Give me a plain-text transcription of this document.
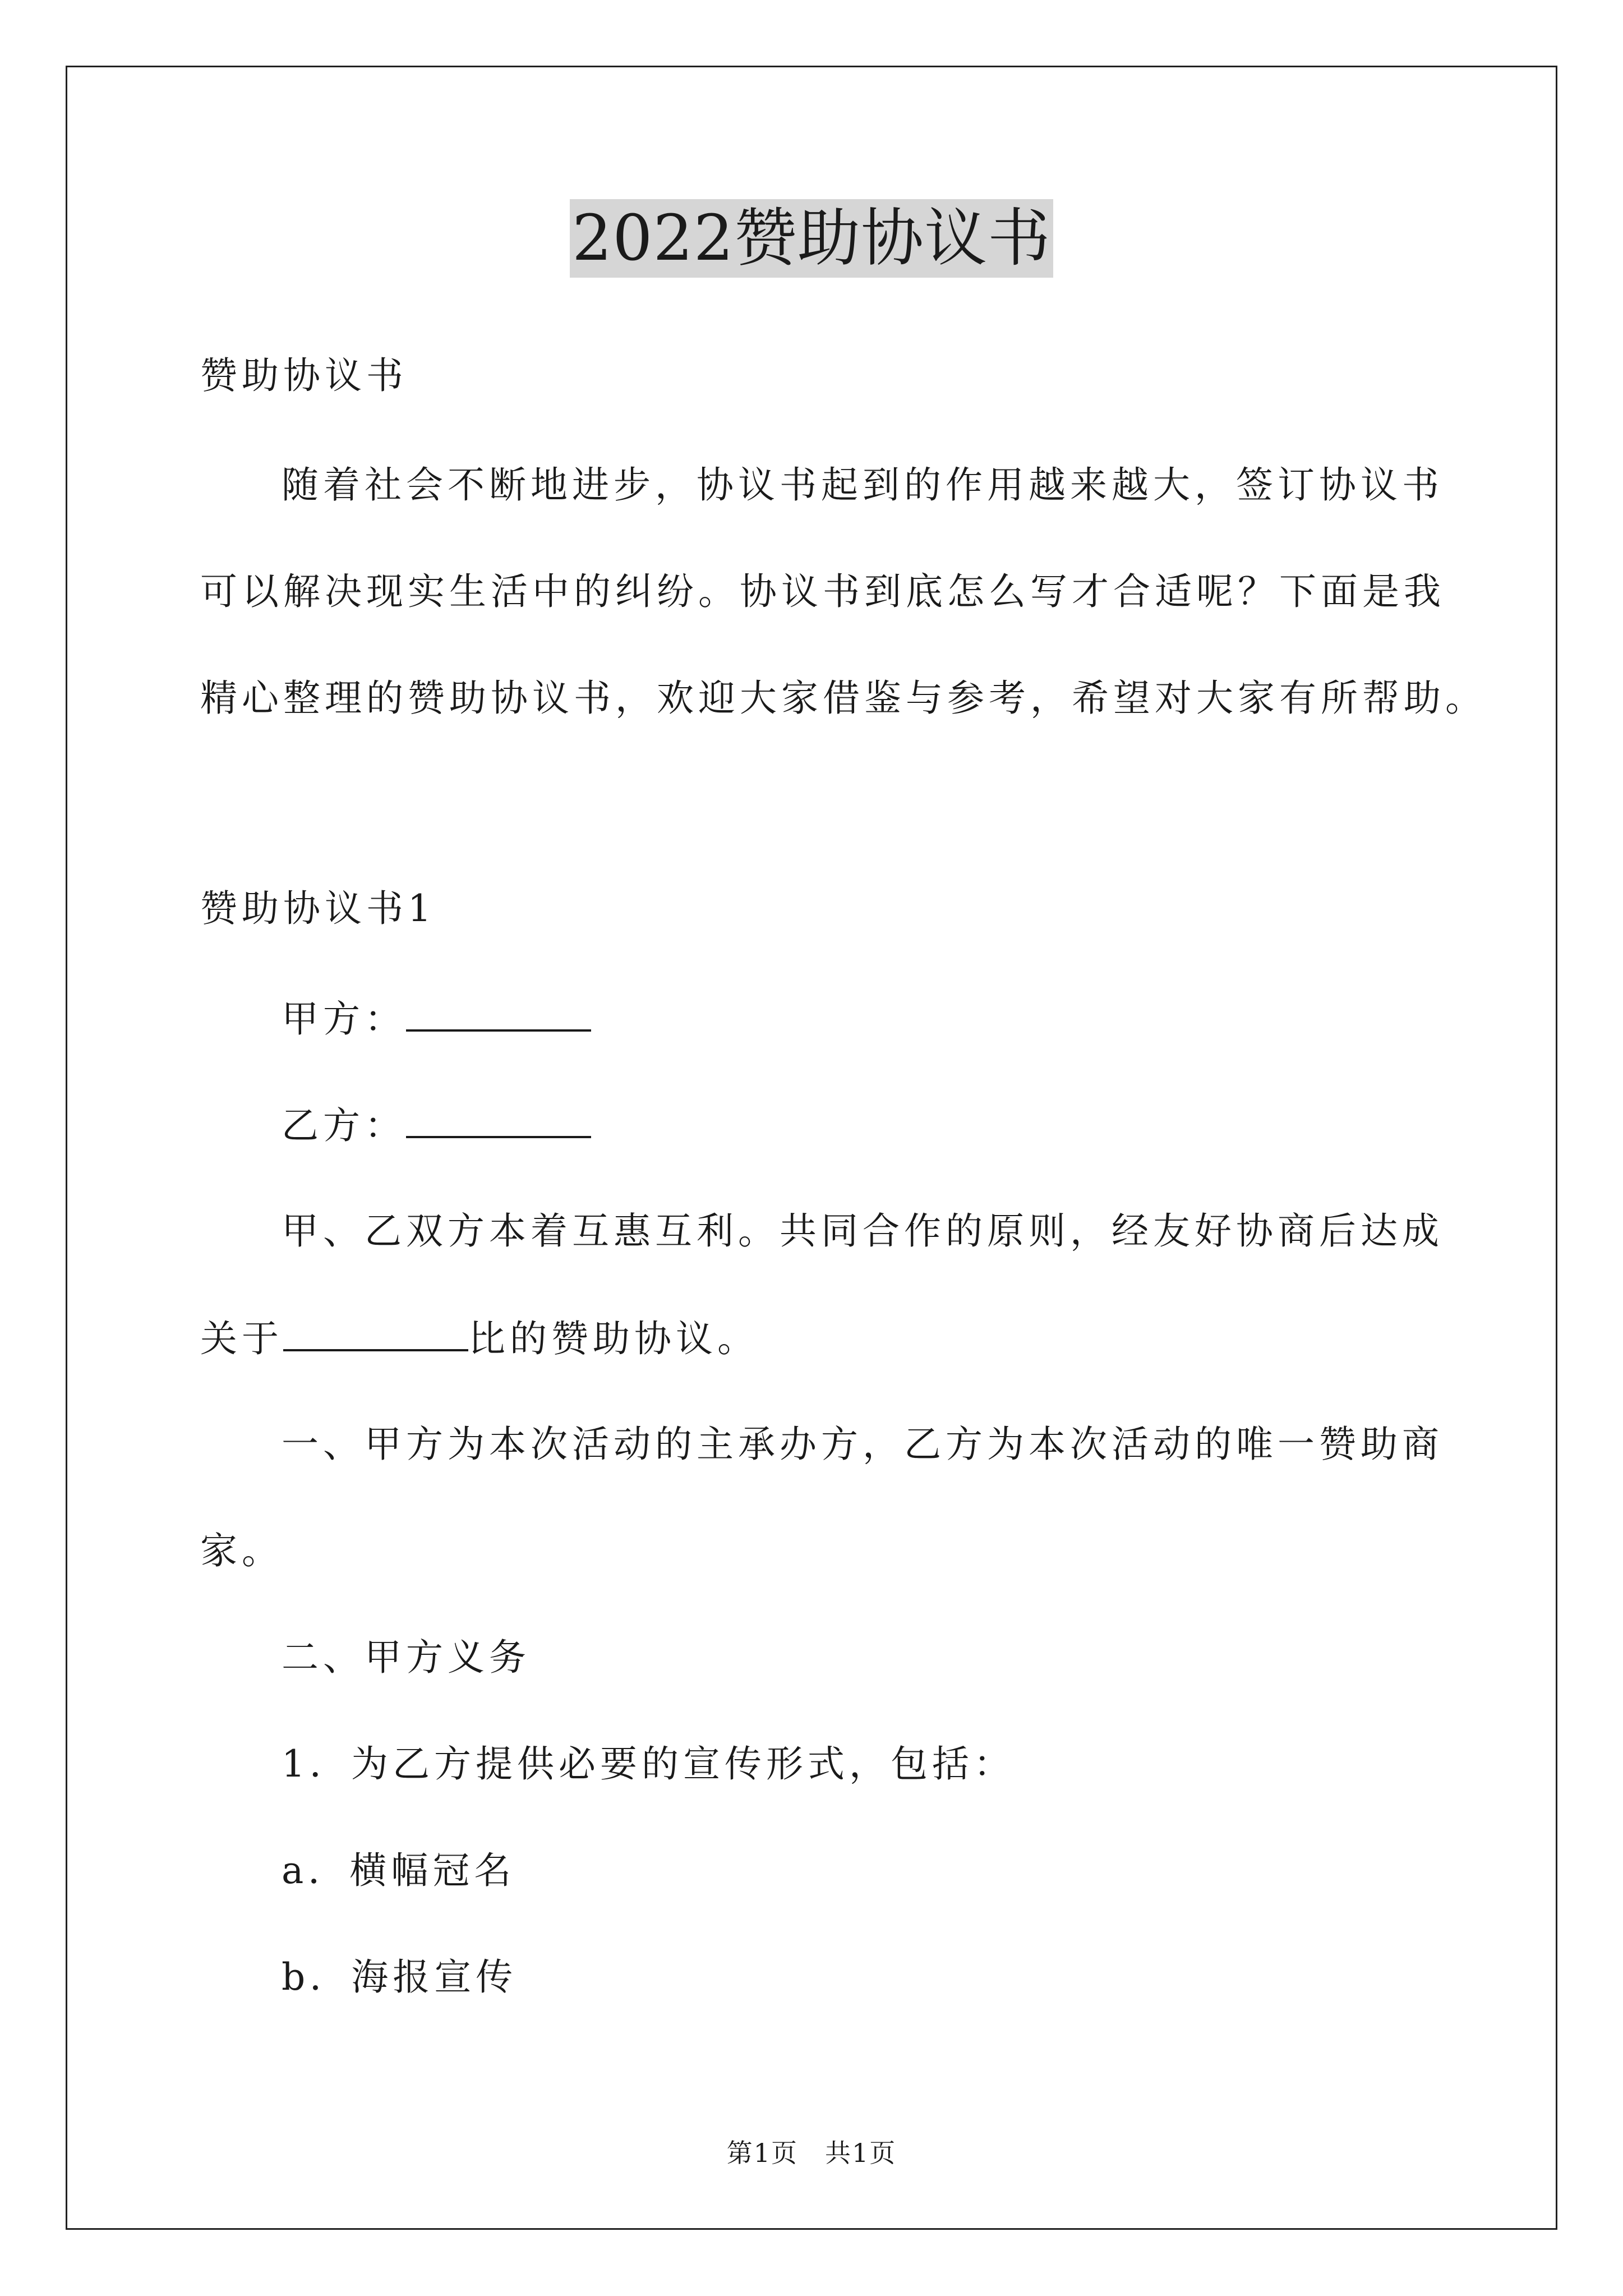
2022赞助协议书
赞助协议书
随着社会不断地进步，协议书起到的作用越来越大，签订协议书
可以解决现实生活中的纠纷。协议书到底怎么写才合适呢？下面是我
精心整理的赞助协议书，欢迎大家借鉴与参考，希望对大家有所帮助。
赞助协议书1
甲方：
乙方：
甲、乙双方本着互惠互利。共同合作的原则，经友好协商后达成
关于	比的赞助协议。
一、甲方为本次活动的主承办方，乙方为本次活动的唯一赞助商
家。
二、甲方义务
1．为乙方提供必要的宣传形式，包括：
a．横幅冠名
b．海报宣传
第1页 共1页
